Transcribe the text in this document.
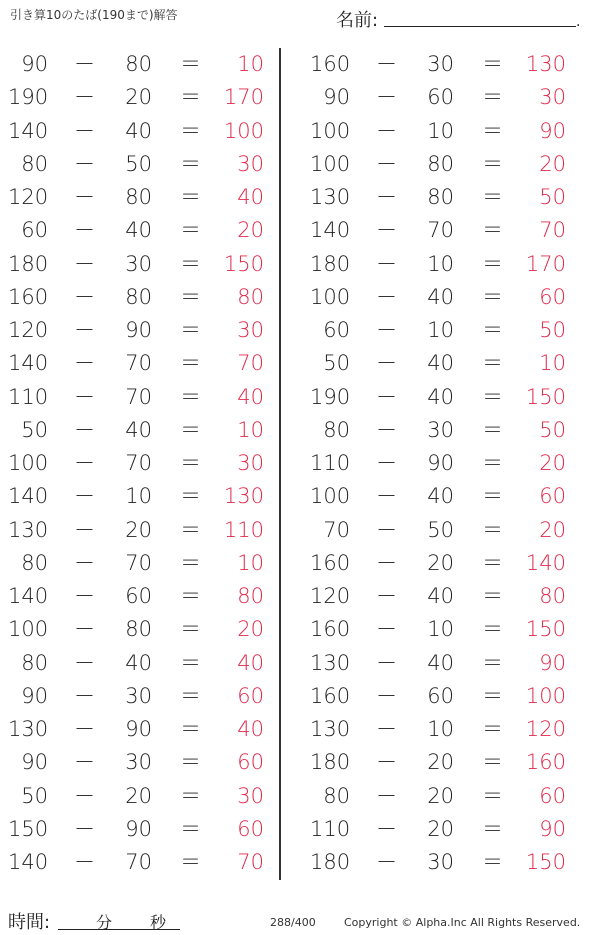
引き算10のたば(190まで)解答	名前:	.
90 －	80 ＝	10
190 －	20 ＝ 170
140 －	40 ＝ 100
80 －	50 ＝	30
120 －	80 ＝	40
60 －	40 ＝	20
180 －	30 ＝ 150
160 －	80 ＝	80
120 －	90 ＝	30
140 －	70 ＝	70
110 －	70 ＝	40
50 －	40 ＝	10
100 －	70 ＝	30
140 －	10 ＝ 130
130 －	20 ＝ 110
80 －	70 ＝	10
140 －	60 ＝	80
100 －	80 ＝	20
80 －	40 ＝	40
90 －	30 ＝	60
130 －	90 ＝	40
90 －	30 ＝	60
50 －	20 ＝	30
150 －	90 ＝	60
140 －	70 ＝	70
160 －	30 ＝ 130
90 －	60 ＝	30
100 －	10 ＝	90
100 －	80 ＝	20
130 －	80 ＝	50
140 －	70 ＝	70
180 －	10 ＝ 170
100 －	40 ＝	60
60 －	10 ＝	50
50 －	40 ＝	10
190 －	40 ＝ 150
80 －	30 ＝	50
110 －	90 ＝	20
100 －	40 ＝	60
70 －	50 ＝	20
160 －	20 ＝ 140
120 －	40 ＝	80
160 －	10 ＝ 150
130 －	40 ＝	90
160 －	60 ＝ 100
130 －	10 ＝ 120
180 －	20 ＝ 160
80 －	20 ＝	60
110 －	20 ＝	90
180 －	30 ＝ 150
時間:	分 秒	288/400	Copyright © Alpha.Inc All Rights Reserved.
